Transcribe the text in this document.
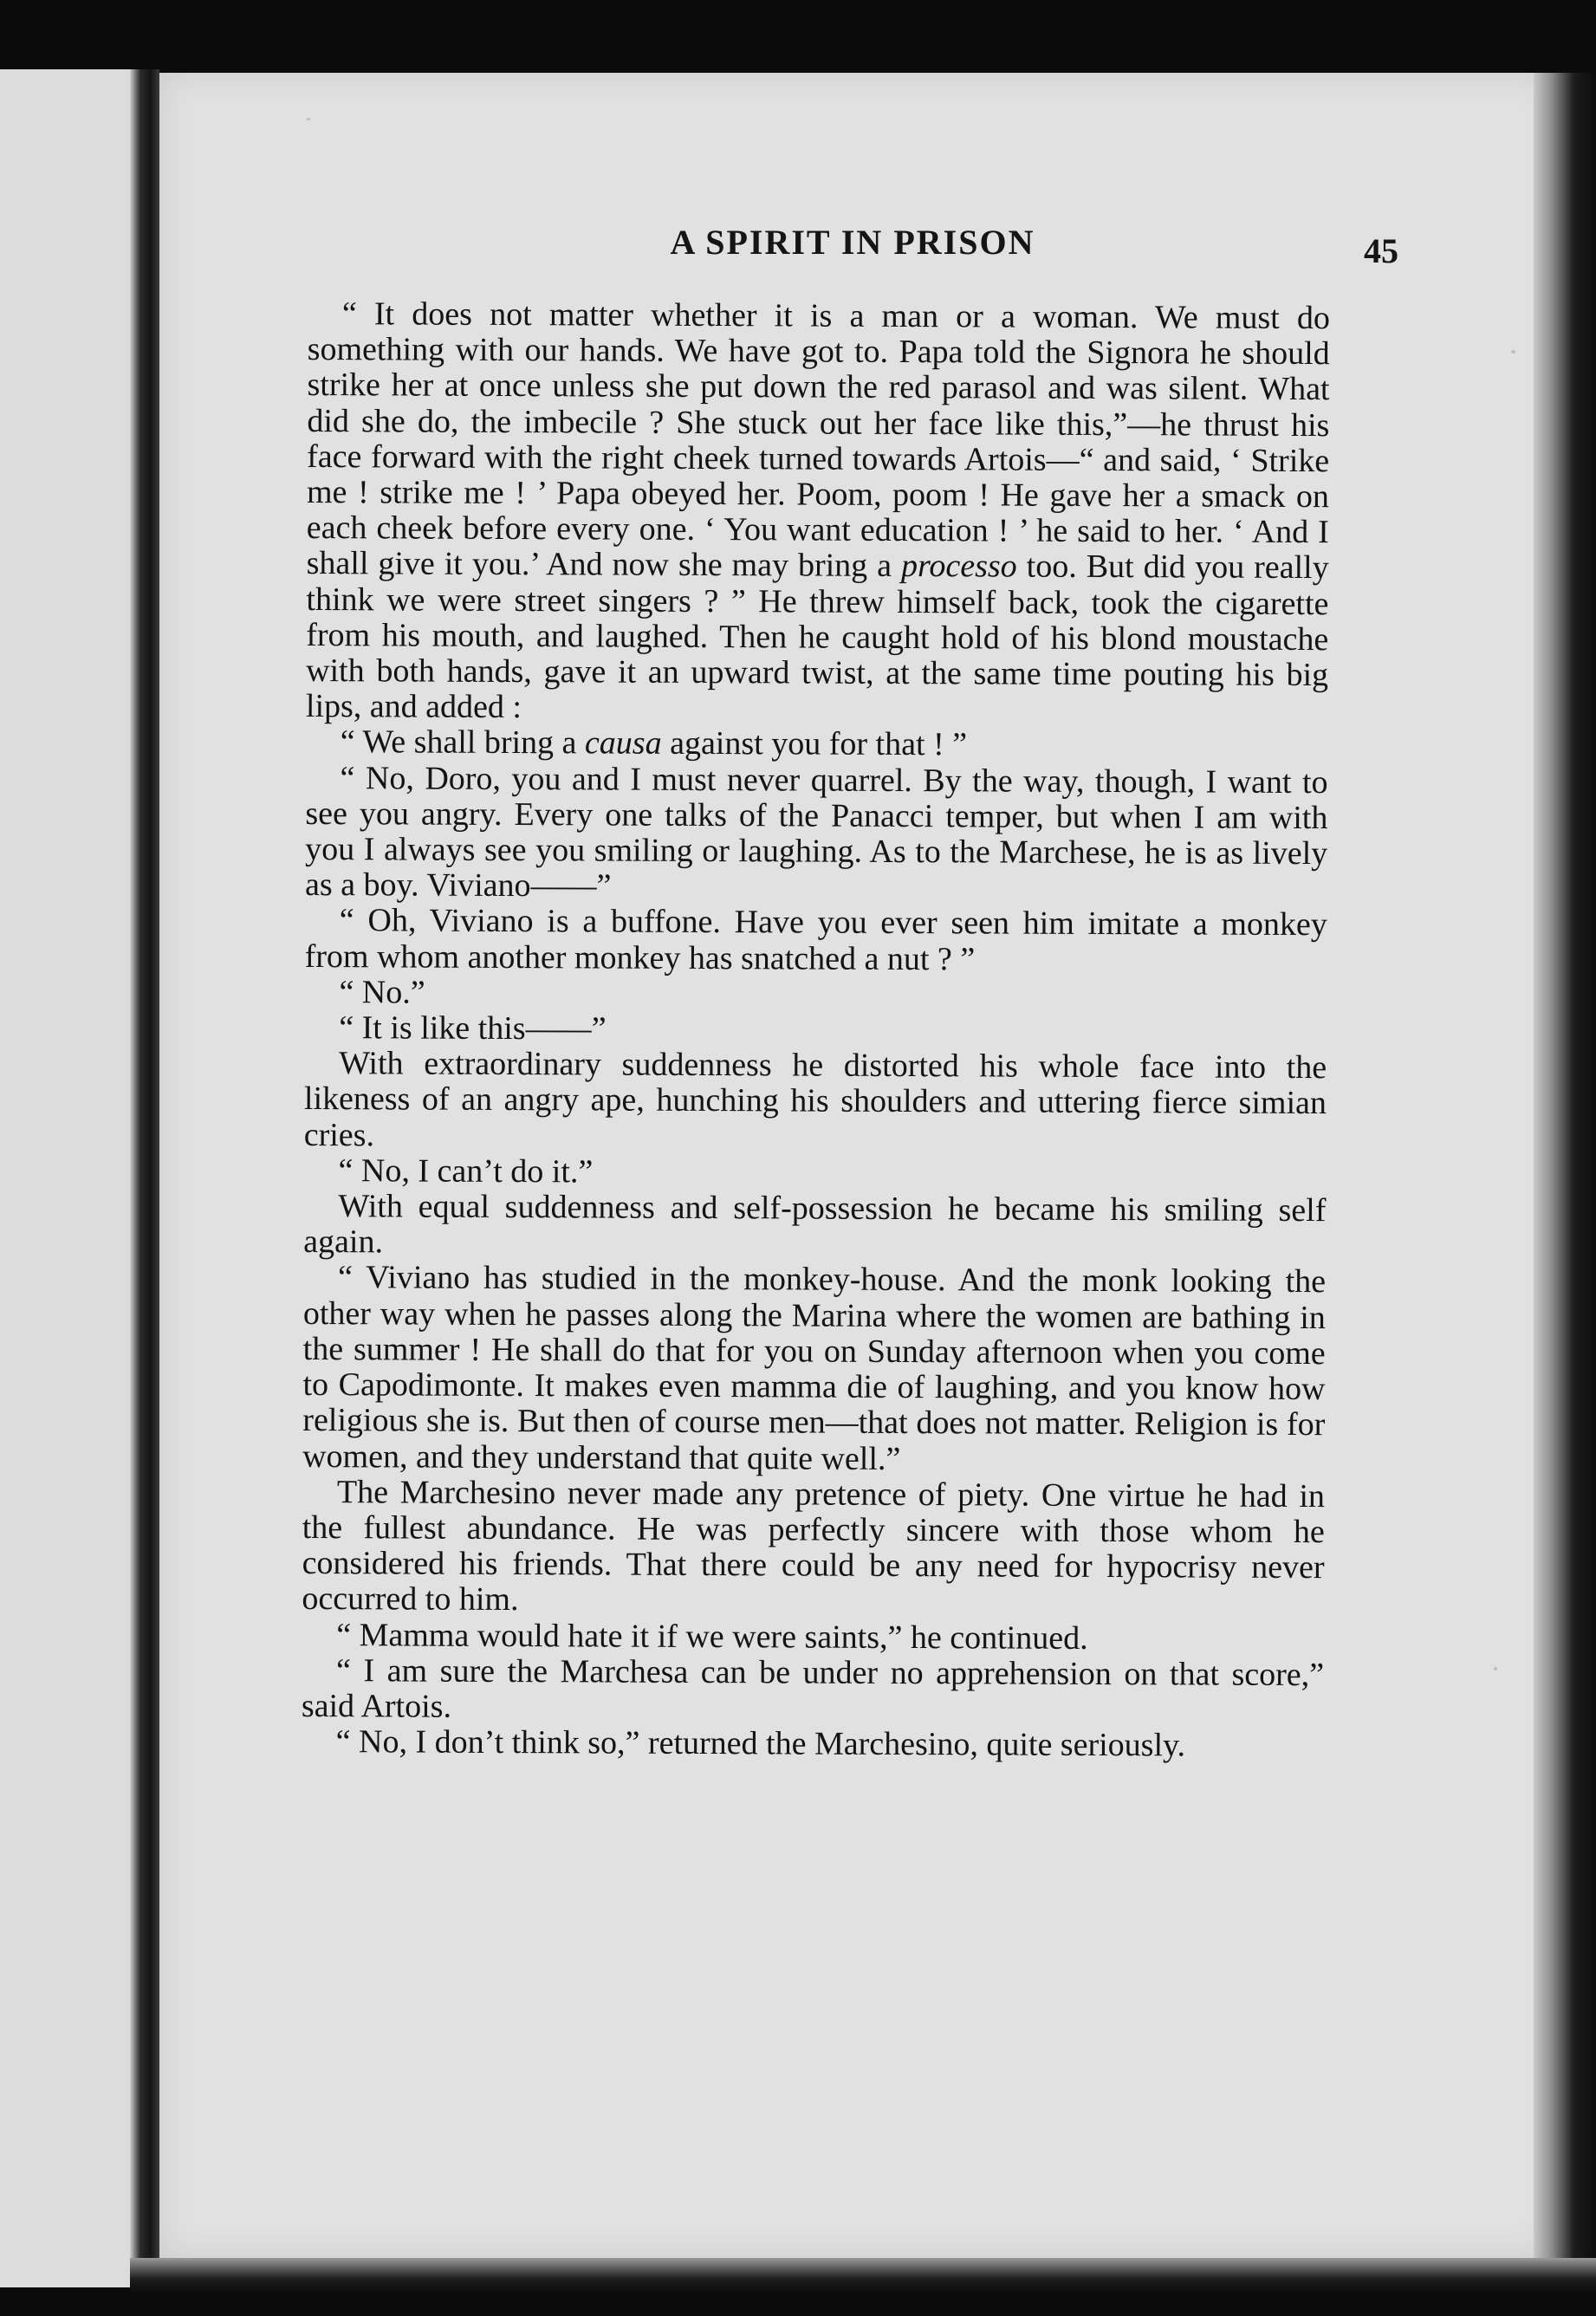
A SPIRIT IN PRISON	45

“ It does not matter whether it is a man or a woman. We must do something with our hands. We have got to. Papa told the Signora he should strike her at once unless she put down the red parasol and was silent. What did she do, the imbecile ? She stuck out her face like this,”—he thrust his face forward with the right cheek turned towards Artois—“ and said, ‘ Strike me ! strike me ! ’ Papa obeyed her. Poom, poom ! He gave her a smack on each cheek before every one. ‘ You want education ! ’ he said to her. ‘ And I shall give it you.’ And now she may bring a processo too. But did you really think we were street singers ? ” He threw himself back, took the cigarette from his mouth, and laughed. Then he caught hold of his blond moustache with both hands, gave it an upward twist, at the same time pouting his big lips, and added :

“ We shall bring a causa against you for that ! ”

“ No, Doro, you and I must never quarrel. By the way, though, I want to see you angry. Every one talks of the Panacci temper, but when I am with you I always see you smiling or laughing. As to the Marchese, he is as lively as a boy. Viviano——”

“ Oh, Viviano is a buffone. Have you ever seen him imitate a monkey from whom another monkey has snatched a nut ? ”

“ No.”

“ It is like this——”

With extraordinary suddenness he distorted his whole face into the likeness of an angry ape, hunching his shoulders and uttering fierce simian cries.

“ No, I can’t do it.”

With equal suddenness and self-possession he became his smiling self again.

“ Viviano has studied in the monkey-house. And the monk looking the other way when he passes along the Marina where the women are bathing in the summer ! He shall do that for you on Sunday afternoon when you come to Capodimonte. It makes even mamma die of laughing, and you know how religious she is. But then of course men—that does not matter. Religion is for women, and they understand that quite well.”

The Marchesino never made any pretence of piety. One virtue he had in the fullest abundance. He was perfectly sincere with those whom he considered his friends. That there could be any need for hypocrisy never occurred to him.

“ Mamma would hate it if we were saints,” he continued.

“ I am sure the Marchesa can be under no apprehension on that score,” said Artois.

“ No, I don’t think so,” returned the Marchesino, quite seriously.
